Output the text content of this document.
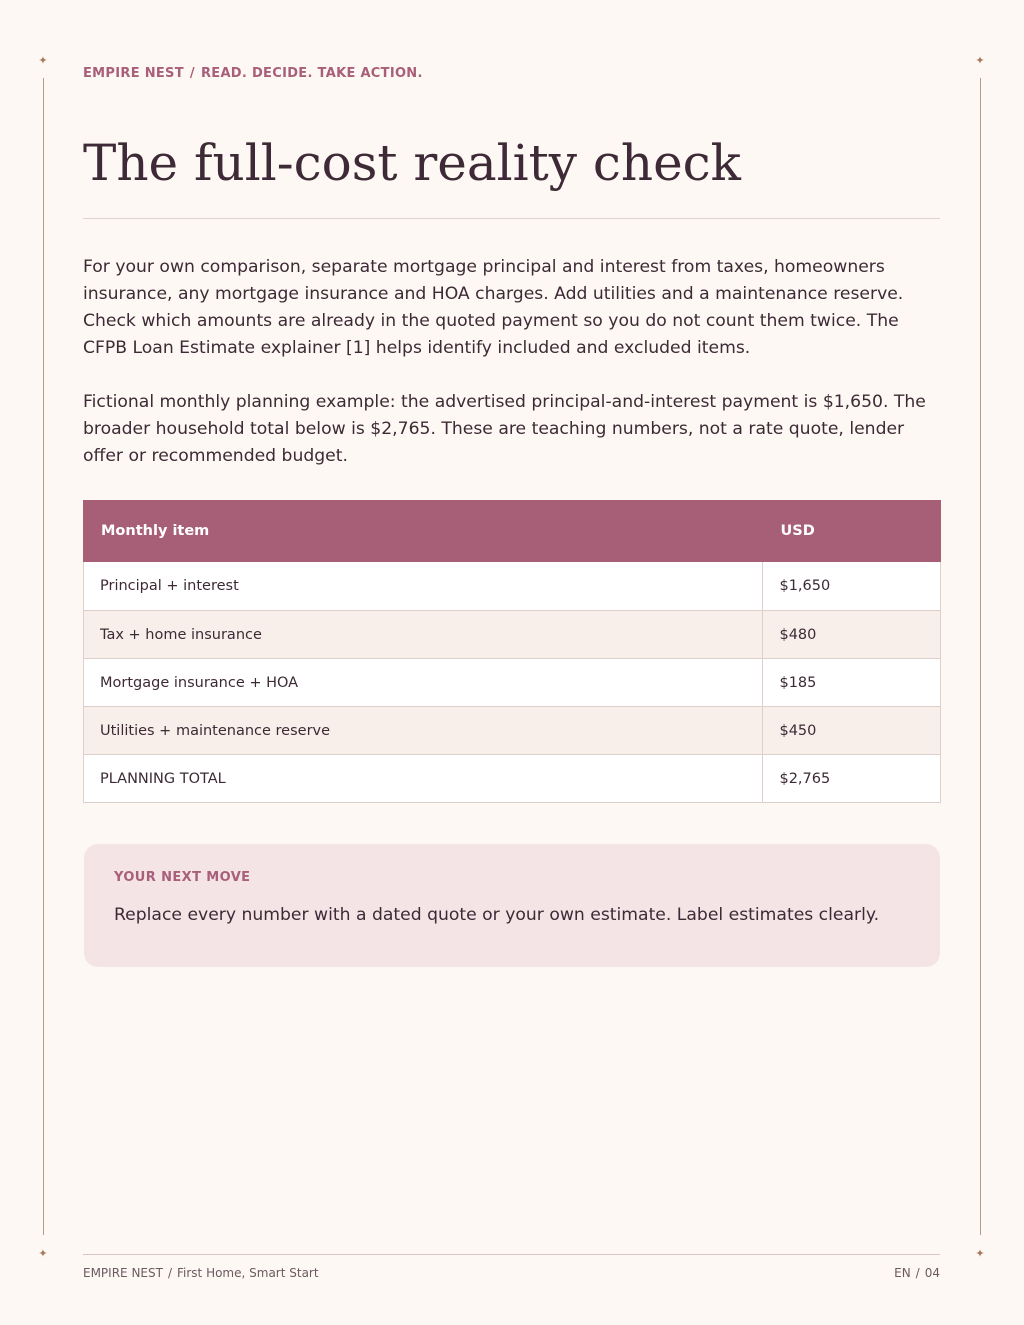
✦	✦
✦	✦
EMPIRE NEST / READ. DECIDE. TAKE ACTION.
The full-cost reality check

For your own comparison, separate mortgage principal and interest from taxes, homeowners insurance, any mortgage insurance and HOA charges. Add utilities and a maintenance reserve. Check which amounts are already in the quoted payment so you do not count them twice. The CFPB Loan Estimate explainer [1] helps identify included and excluded items.

Fictional monthly planning example: the advertised principal-and-interest payment is $1,650. The broader household total below is $2,765. These are teaching numbers, not a rate quote, lender offer or recommended budget.

Monthly item	USD
Principal + interest	$1,650
Tax + home insurance	$480
Mortgage insurance + HOA	$185
Utilities + maintenance reserve	$450
PLANNING TOTAL	$2,765

YOUR NEXT MOVE

Replace every number with a dated quote or your own estimate. Label estimates clearly.

EMPIRE NEST / First Home, Smart Start	EN / 04
